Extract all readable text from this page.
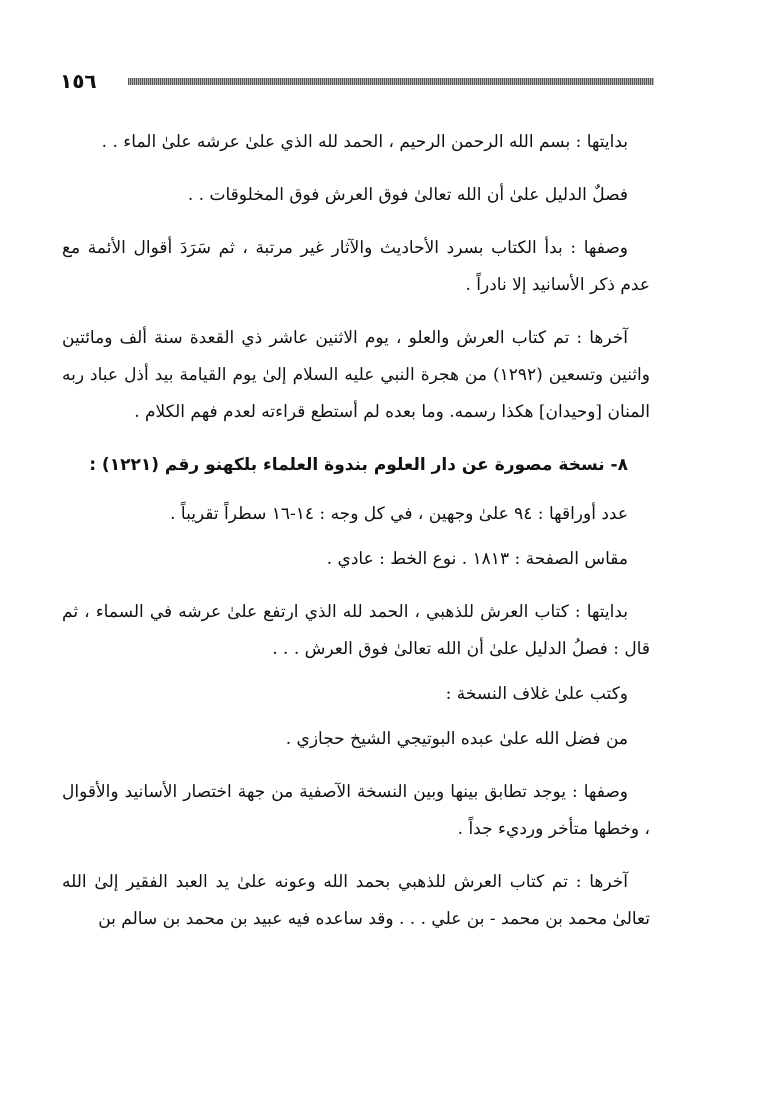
١٥٦

بدايتها : بسم الله الرحمن الرحيم ، الحمد لله الذي علىٰ عرشه علىٰ الماء . .

فصلٌ الدليل علىٰ أن الله تعالىٰ فوق العرش فوق المخلوقات . .

وصفها : بدأ الكتاب بسرد الأحاديث والآثار غير مرتبة ، ثم سَرَدَ أقوال الأئمة مع عدم ذكر الأسانيد إلا نادراً .

آخرها : تم كتاب العرش والعلو ، يوم الاثنين عاشر ذي القعدة سنة ألف ومائتين واثنين وتسعين (١٢٩٢) من هجرة النبي عليه السلام إلىٰ يوم القيامة بيد أذل عباد ربه المنان [وحيدان] هكذا رسمه. وما بعده لم أستطع قراءته لعدم فهم الكلام .

٨- نسخة مصورة عن دار العلوم بندوة العلماء بلكهنو رقم (١٢٢١) :

عدد أوراقها : ٩٤ علىٰ وجهين ، في كل وجه : ١٤-١٦ سطراً تقريباً .

مقاس الصفحة : ١٨١٣ . نوع الخط : عادي .

بدايتها : كتاب العرش للذهبي ، الحمد لله الذي ارتفع علىٰ عرشه في السماء ، ثم قال : فصلُ الدليل علىٰ أن الله تعالىٰ فوق العرش . . .

وكتب علىٰ غلاف النسخة :

من فضل الله علىٰ عبده البوتيجي الشيخ حجازي .

وصفها : يوجد تطابق بينها وبين النسخة الآصفية من جهة اختصار الأسانيد والأقوال ، وخطها متأخر ورديء جداً .

آخرها : تم كتاب العرش للذهبي بحمد الله وعونه علىٰ يد العبد الفقير إلىٰ الله تعالىٰ محمد بن محمد - بن علي . . . وقد ساعده فيه عبيد بن محمد بن سالم بن
